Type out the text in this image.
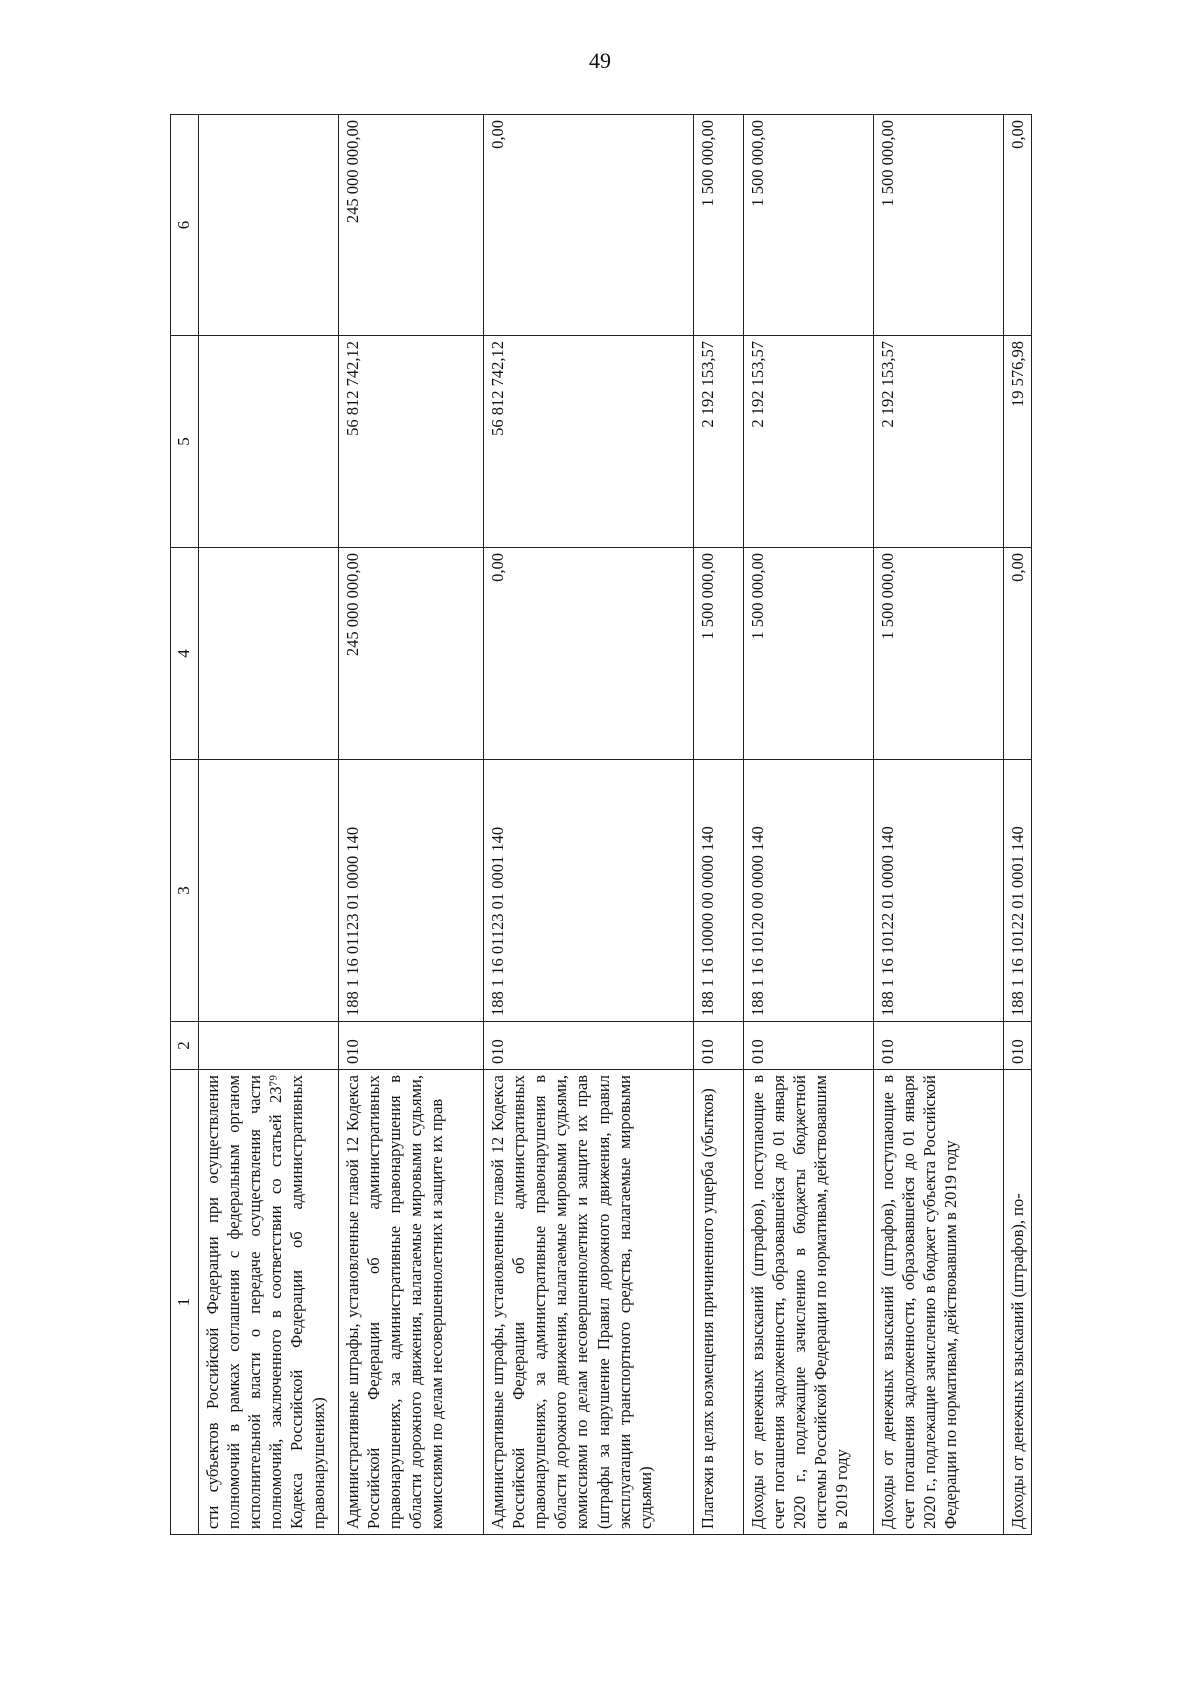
49
1	2	3	4	5	6
сти субъектов Российской Федерации при осуществлении полномочий в рамках соглашения с федеральным органом исполнительной власти о передаче осуществления части полномочий, заключенного в соответствии со статьей 23⁷⁹ Кодекса Российской Федерации об административных правонарушениях)					
Административные штрафы, установленные главой 12 Кодекса Российской Федерации об административных правонарушениях, за административные правонарушения в области дорожного движения, налагаемые мировыми судьями, комиссиями по делам несовершеннолетних и защите их прав	010	188 1 16 01123 01 0000 140	245 000 000,00	56 812 742,12	245 000 000,00
Административные штрафы, установленные главой 12 Кодекса Российской Федерации об административных правонарушениях, за административные правонарушения в области дорожного движения, налагаемые мировыми судьями, комиссиями по делам несовершеннолетних и защите их прав (штрафы за нарушение Правил дорожного движения, правил эксплуатации транспортного средства, налагаемые мировыми судьями)	010	188 1 16 01123 01 0001 140	0,00	56 812 742,12	0,00
Платежи в целях возмещения причиненного ущерба (убытков)	010	188 1 16 10000 00 0000 140	1 500 000,00	2 192 153,57	1 500 000,00
Доходы от денежных взысканий (штрафов), поступающие в счет погашения задолженности, образовавшейся до 01 января 2020 г., подлежащие зачислению в бюджеты бюджетной системы Российской Федерации по нормативам, действовавшим в 2019 году	010	188 1 16 10120 00 0000 140	1 500 000,00	2 192 153,57	1 500 000,00
Доходы от денежных взысканий (штрафов), поступающие в счет погашения задолженности, образовавшейся до 01 января 2020 г., подлежащие зачислению в бюджет субъекта Российской Федерации по нормативам, действовавшим в 2019 году	010	188 1 16 10122 01 0000 140	1 500 000,00	2 192 153,57	1 500 000,00
Доходы от денежных взысканий (штрафов), по-	010	188 1 16 10122 01 0001 140	0,00	19 576,98	0,00
